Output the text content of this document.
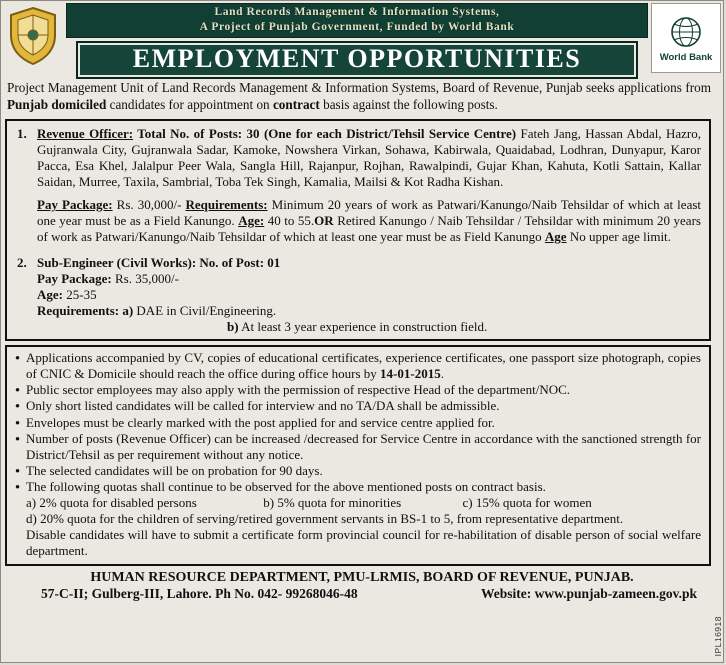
Land Records Management & Information Systems,
A Project of Punjab Government, Funded by World Bank
EMPLOYMENT OPPORTUNITIES	World Bank
Project Management Unit of Land Records Management & Information Systems, Board of Revenue, Punjab seeks applications from Punjab domiciled candidates for appointment on contract basis against the following posts.
1. Revenue Officer: Total No. of Posts: 30 (One for each District/Tehsil Service Centre) Fateh Jang, Hassan Abdal, Hazro, Gujranwala City, Gujranwala Sadar, Kamoke, Nowshera Virkan, Sohawa, Kabirwala, Quaidabad, Lodhran, Dunyapur, Karor Pacca, Esa Khel, Jalalpur Peer Wala, Sangla Hill, Rajanpur, Rojhan, Rawalpindi, Gujar Khan, Kahuta, Kotli Sattain, Kallar Saidan, Murree, Taxila, Sambrial, Toba Tek Singh, Kamalia, Mailsi & Kot Radha Kishan.
Pay Package: Rs. 30,000/- Requirements: Minimum 20 years of work as Patwari/Kanungo/Naib Tehsildar of which at least one year must be as a Field Kanungo. Age: 40 to 55.OR Retired Kanungo / Naib Tehsildar / Tehsildar with minimum 20 years of work as Patwari/Kanungo/Naib Tehsildar of which at least one year must be as Field Kanungo Age No upper age limit.
2. Sub-Engineer (Civil Works): No. of Post: 01
Pay Package: Rs. 35,000/-
Age: 25-35
Requirements: a) DAE in Civil/Engineering.
b) At least 3 year experience in construction field.
• Applications accompanied by CV, copies of educational certificates, experience certificates, one passport size photograph, copies of CNIC & Domicile should reach the office during office hours by 14-01-2015.
• Public sector employees may also apply with the permission of respective Head of the department/NOC.
• Only short listed candidates will be called for interview and no TA/DA shall be admissible.
• Envelopes must be clearly marked with the post applied for and service centre applied for.
• Number of posts (Revenue Officer) can be increased /decreased for Service Centre in accordance with the sanctioned strength for District/Tehsil as per requirement without any notice.
• The selected candidates will be on probation for 90 days.
• The following quotas shall continue to be observed for the above mentioned posts on contract basis.
a) 2% quota for disabled persons	b) 5% quota for minorities	c) 15% quota for women
d) 20% quota for the children of serving/retired government servants in BS-1 to 5, from representative department.
Disable candidates will have to submit a certificate form provincial council for re-habilitation of disable person of social welfare department.
HUMAN RESOURCE DEPARTMENT, PMU-LRMIS, BOARD OF REVENUE, PUNJAB.
57-C-II; Gulberg-III, Lahore. Ph No. 042- 99268046-48	Website: www.punjab-zameen.gov.pk
IPL16918
